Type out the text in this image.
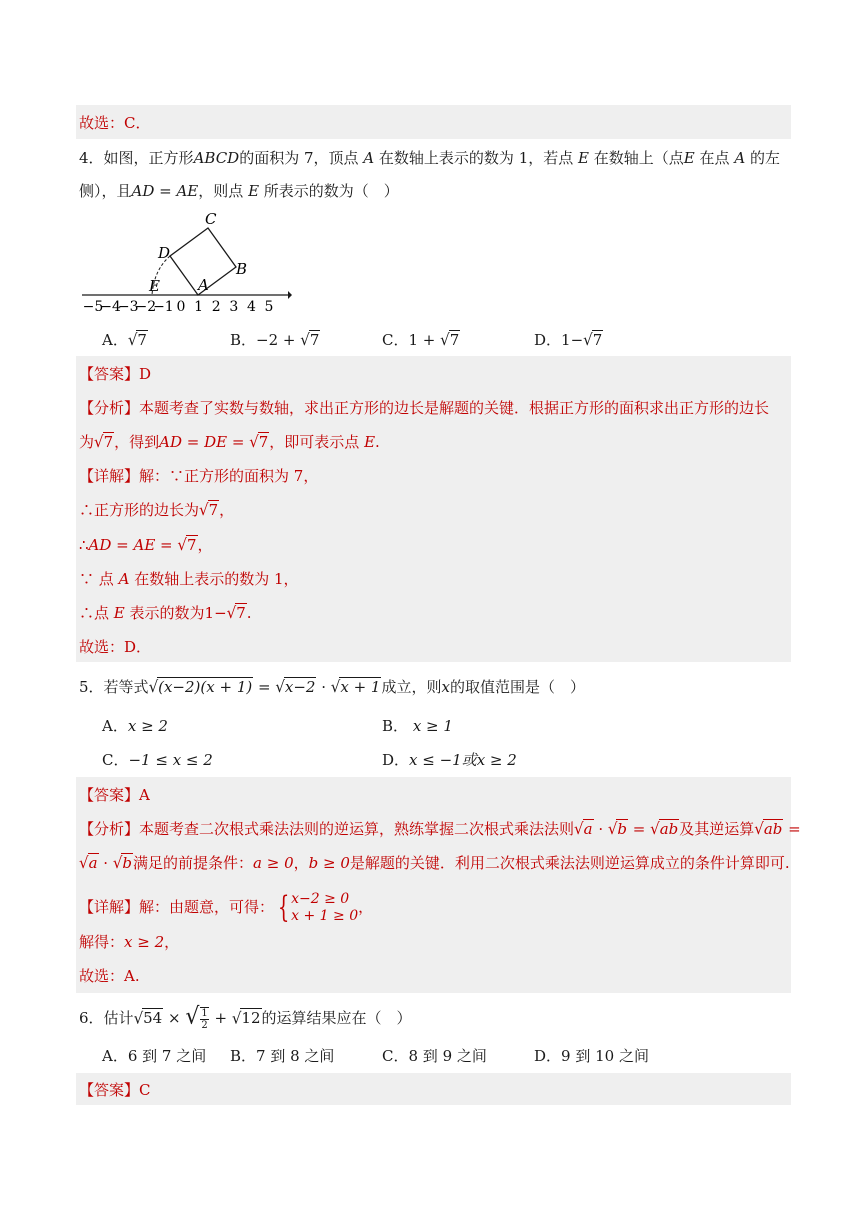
故选：C．
4．如图，正方形ABCD的面积为 7，顶点 A 在数轴上表示的数为 1，若点 E 在数轴上（点E 在点 A 的左
侧），且AD = AE，则点 E 所表示的数为（　）
C
D
B
A
E
−5
−4
−3
−2
−1 0 1 2 3 4 5
A．√7	B．−2 + √7	C．1 + √7	D．1−√7
【答案】D
【分析】本题考查了实数与数轴，求出正方形的边长是解题的关键．根据正方形的面积求出正方形的边长
为√7，得到AD = DE = √7，即可表示点 E.
【详解】解：∵正方形的面积为 7，
∴正方形的边长为√7，
∴AD = AE = √7，
∵ 点 A 在数轴上表示的数为 1，
∴点 E 表示的数为1−√7.
故选：D．
5．若等式√(x−2)(x + 1) = √x−2 · √x + 1成立，则x的取值范围是（　）
A．x ≥ 2	B． x ≥ 1
C．−1 ≤ x ≤ 2	D．x ≤ −1或x ≥ 2
【答案】A
【分析】本题考查二次根式乘法法则的逆运算，熟练掌握二次根式乘法法则√a · √b = √ab及其逆运算√ab =
√a · √b满足的前提条件：a ≥ 0，b ≥ 0是解题的关键．利用二次根式乘法法则逆运算成立的条件计算即可.
【详解】解：由题意，可得： { x−2 ≥ 0
x + 1 ≥ 0 ，
解得：x ≥ 2，
故选：A.
6．估计√54 × √ $\frac{1}{2} + √12$的运算结果应在（　）
A．6 到 7 之间 B．7 到 8 之间	C．8 到 9 之间	D．9 到 10 之间
【答案】C
